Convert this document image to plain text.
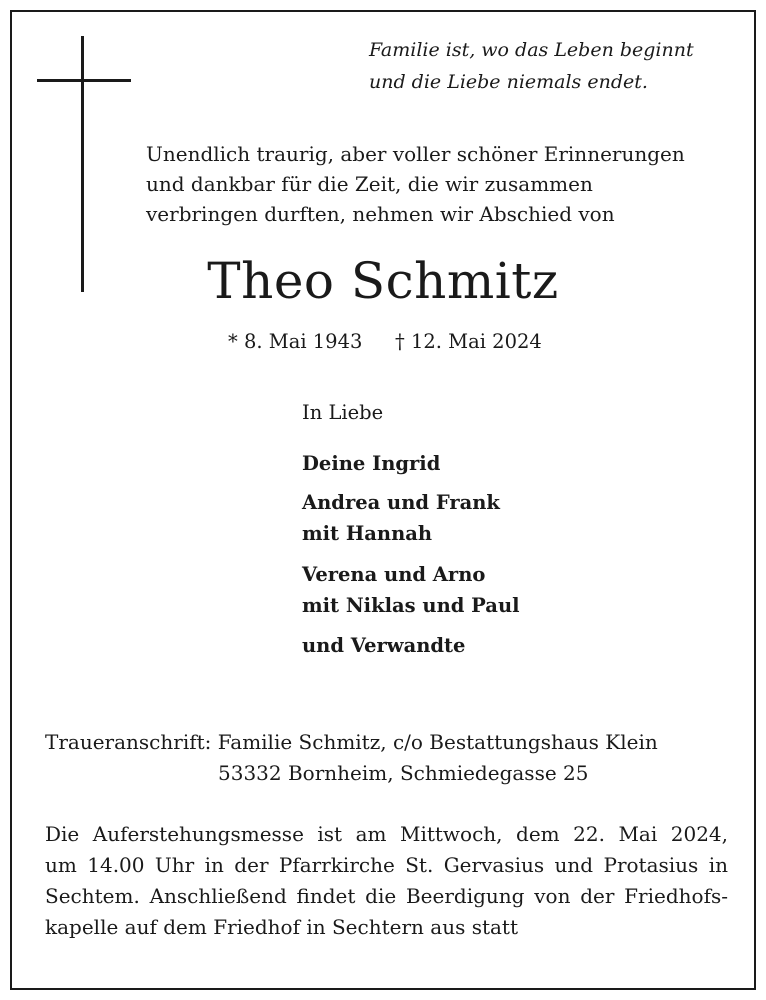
Familie ist, wo das Leben beginnt
und die Liebe niemals endet.
Unendlich traurig, aber voller schöner Erinnerungen
und dankbar für die Zeit, die wir zusammen
verbringen durften, nehmen wir Abschied von
Theo Schmitz
* 8. Mai 1943 † 12. Mai 2024
In Liebe
Deine Ingrid
Andrea und Frank
mit Hannah
Verena und Arno
mit Niklas und Paul
und Verwandte
Traueranschrift: Familie Schmitz, c/o Bestattungshaus Klein
53332 Bornheim, Schmiedegasse 25
Die Auferstehungsmesse ist am Mittwoch, dem 22. Mai 2024,
um 14.00 Uhr in der Pfarrkirche St. Gervasius und Protasius in
Sechtem. Anschließend findet die Beerdigung von der Friedhofs-
kapelle auf dem Friedhof in Sechtern aus statt
